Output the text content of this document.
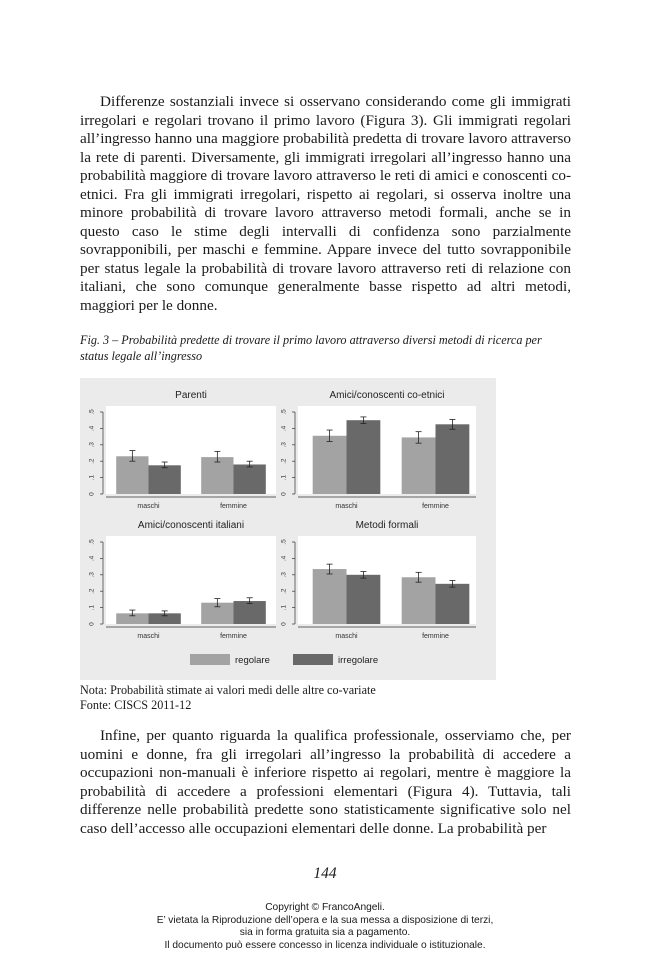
Differenze sostanziali invece si osservano considerando come gli immigrati irregolari e regolari trovano il primo lavoro (Figura 3). Gli immigrati regolari all’ingresso hanno una maggiore probabilità predetta di trovare lavoro attraverso la rete di parenti. Diversamente, gli immigrati irregolari all’ingresso hanno una probabilità maggiore di trovare lavoro attraverso le reti di amici e conoscenti co-etnici. Fra gli immigrati irregolari, rispetto ai regolari, si osserva inoltre una minore probabilità di trovare lavoro attraverso metodi formali, anche se in questo caso le stime degli intervalli di confidenza sono parzialmente sovrapponibili, per maschi e femmine. Appare invece del tutto sovrapponibile per status legale la probabilità di trovare lavoro attraverso reti di relazione con italiani, che sono comunque generalmente basse rispetto ad altri metodi, maggiori per le donne.

Fig. 3 – Probabilità predette di trovare il primo lavoro attraverso diversi metodi di ricerca per status legale all’ingresso
Parenti
0
.1
.2
.3
.4
.5
maschi	femmine
Amici/conoscenti co-etnici
0
.1
.2
.3
.4
.5
maschi	femmine
Amici/conoscenti italiani
0
.1
.2
.3
.4
.5
maschi	femmine
Metodi formali
0
.1
.2
.3
.4
.5
maschi	femmine
regolare	irregolare
Nota: Probabilità stimate ai valori medi delle altre co-variate
Fonte: CISCS 2011-12

Infine, per quanto riguarda la qualifica professionale, osserviamo che, per uomini e donne, fra gli irregolari all’ingresso la probabilità di accedere a occupazioni non-manuali è inferiore rispetto ai regolari, mentre è maggiore la probabilità di accedere a professioni elementari (Figura 4). Tuttavia, tali differenze nelle probabilità predette sono statisticamente significative solo nel caso dell’accesso alle occupazioni elementari delle donne. La probabilità per

144
Copyright © FrancoAngeli.
E’ vietata la Riproduzione dell’opera e la sua messa a disposizione di terzi,
sia in forma gratuita sia a pagamento.
Il documento può essere concesso in licenza individuale o istituzionale.
